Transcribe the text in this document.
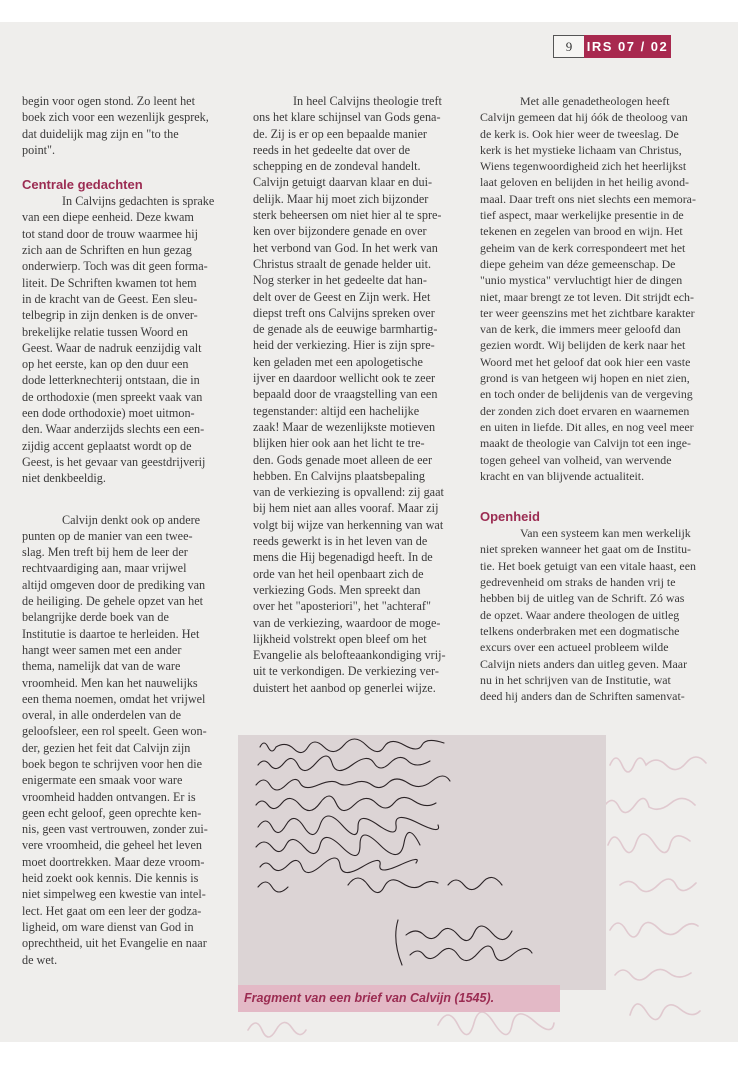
9	IRS 07 / 02
begin voor ogen stond. Zo leent het
boek zich voor een wezenlijk gesprek,
dat duidelijk mag zijn en "to the
point".
Centrale gedachten
In Calvijns gedachten is sprake
van een diepe eenheid. Deze kwam
tot stand door de trouw waarmee hij
zich aan de Schriften en hun gezag
onderwierp. Toch was dit geen forma-
liteit. De Schriften kwamen tot hem
in de kracht van de Geest. Een sleu-
telbegrip in zijn denken is de onver-
brekelijke relatie tussen Woord en
Geest. Waar de nadruk eenzijdig valt
op het eerste, kan op den duur een
dode letterknechterij ontstaan, die in
de orthodoxie (men spreekt vaak van
een dode orthodoxie) moet uitmon-
den. Waar anderzijds slechts een een-
zijdig accent geplaatst wordt op de
Geest, is het gevaar van geestdrijverij
niet denkbeeldig.
Calvijn denkt ook op andere
punten op de manier van een twee-
slag. Men treft bij hem de leer der
rechtvaardiging aan, maar vrijwel
altijd omgeven door de prediking van
de heiliging. De gehele opzet van het
belangrijke derde boek van de
Institutie is daartoe te herleiden. Het
hangt weer samen met een ander
thema, namelijk dat van de ware
vroomheid. Men kan het nauwelijks
een thema noemen, omdat het vrijwel
overal, in alle onderdelen van de
geloofsleer, een rol speelt. Geen won-
der, gezien het feit dat Calvijn zijn
boek begon te schrijven voor hen die
enigermate een smaak voor ware
vroomheid hadden ontvangen. Er is
geen echt geloof, geen oprechte ken-
nis, geen vast vertrouwen, zonder zui-
vere vroomheid, die geheel het leven
moet doortrekken. Maar deze vroom-
heid zoekt ook kennis. Die kennis is
niet simpelweg een kwestie van intel-
lect. Het gaat om een leer der godza-
ligheid, om ware dienst van God in
oprechtheid, uit het Evangelie en naar
de wet.
In heel Calvijns theologie treft
ons het klare schijnsel van Gods gena-
de. Zij is er op een bepaalde manier
reeds in het gedeelte dat over de
schepping en de zondeval handelt.
Calvijn getuigt daarvan klaar en dui-
delijk. Maar hij moet zich bijzonder
sterk beheersen om niet hier al te spre-
ken over bijzondere genade en over
het verbond van God. In het werk van
Christus straalt de genade helder uit.
Nog sterker in het gedeelte dat han-
delt over de Geest en Zijn werk. Het
diepst treft ons Calvijns spreken over
de genade als de eeuwige barmhartig-
heid der verkiezing. Hier is zijn spre-
ken geladen met een apologetische
ijver en daardoor wellicht ook te zeer
bepaald door de vraagstelling van een
tegenstander: altijd een hachelijke
zaak! Maar de wezenlijkste motieven
blijken hier ook aan het licht te tre-
den. Gods genade moet alleen de eer
hebben. En Calvijns plaatsbepaling
van de verkiezing is opvallend: zij gaat
bij hem niet aan alles vooraf. Maar zij
volgt bij wijze van herkenning van wat
reeds gewerkt is in het leven van de
mens die Hij begenadigd heeft. In de
orde van het heil openbaart zich de
verkiezing Gods. Men spreekt dan
over het "aposteriori", het "achteraf"
van de verkiezing, waardoor de moge-
lijkheid volstrekt open bleef om het
Evangelie als belofteaankondiging vrij-
uit te verkondigen. De verkiezing ver-
duistert het aanbod op generlei wijze.
Met alle genadetheologen heeft
Calvijn gemeen dat hij óók de theoloog van
de kerk is. Ook hier weer de tweeslag. De
kerk is het mystieke lichaam van Christus,
Wiens tegenwoordigheid zich het heerlijkst
laat geloven en belijden in het heilig avond-
maal. Daar treft ons niet slechts een memora-
tief aspect, maar werkelijke presentie in de
tekenen en zegelen van brood en wijn. Het
geheim van de kerk correspondeert met het
diepe geheim van déze gemeenschap. De
"unio mystica" vervluchtigt hier de dingen
niet, maar brengt ze tot leven. Dit strijdt ech-
ter weer geenszins met het zichtbare karakter
van de kerk, die immers meer geloofd dan
gezien wordt. Wij belijden de kerk naar het
Woord met het geloof dat ook hier een vaste
grond is van hetgeen wij hopen en niet zien,
en toch onder de belijdenis van de vergeving
der zonden zich doet ervaren en waarnemen
en uiten in liefde. Dit alles, en nog veel meer
maakt de theologie van Calvijn tot een inge-
togen geheel van volheid, van wervende
kracht en van blijvende actualiteit.
Openheid
Van een systeem kan men werkelijk
niet spreken wanneer het gaat om de Institu-
tie. Het boek getuigt van een vitale haast, een
gedrevenheid om straks de handen vrij te
hebben bij de uitleg van de Schrift. Zó was
de opzet. Waar andere theologen de uitleg
telkens onderbraken met een dogmatische
excurs over een actueel probleem wilde
Calvijn niets anders dan uitleg geven. Maar
nu in het schrijven van de Institutie, wat
deed hij anders dan de Schriften samenvat-
Fragment van een brief van Calvijn (1545).
